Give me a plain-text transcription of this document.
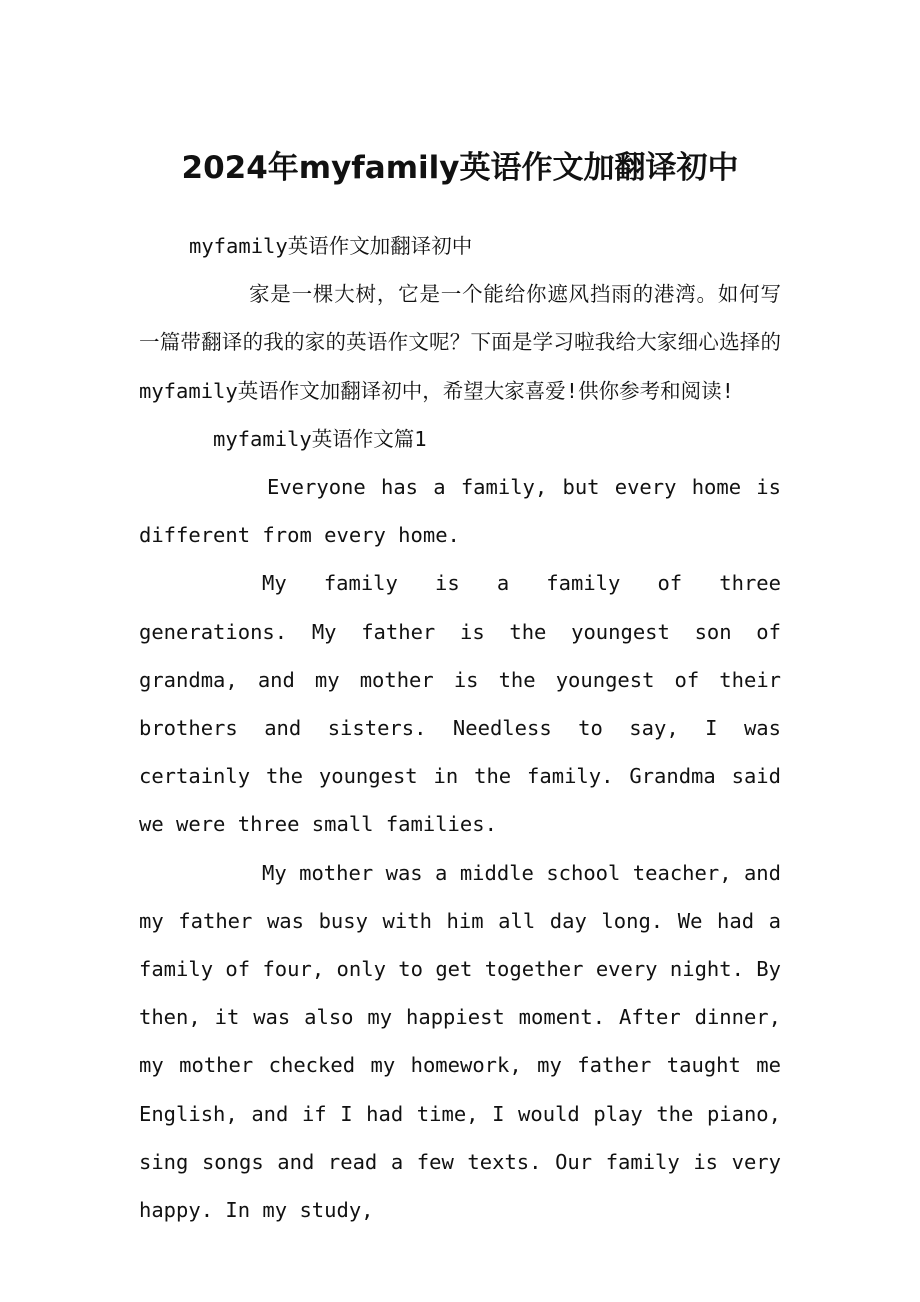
2024年myfamily英语作文加翻译初中

myfamily英语作文加翻译初中

家是一棵大树，它是一个能给你遮风挡雨的港湾。如何写一篇带翻译的我的家的英语作文呢？下面是学习啦我给大家细心选择的myfamily英语作文加翻译初中，希望大家喜爱!供你参考和阅读!

myfamily英语作文篇1

Everyone has a family, but every home is different from every home.

My family is a family of three generations. My father is the youngest son of grandma, and my mother is the youngest of their brothers and sisters. Needless to say, I was certainly the youngest in the family. Grandma said we were three small families.

My mother was a middle school teacher, and my father was busy with him all day long. We had a family of four, only to get together every night. By then, it was also my happiest moment. After dinner, my mother checked my homework, my father taught me English, and if I had time, I would play the piano, sing songs and read a few texts. Our family is very happy. In my study,
